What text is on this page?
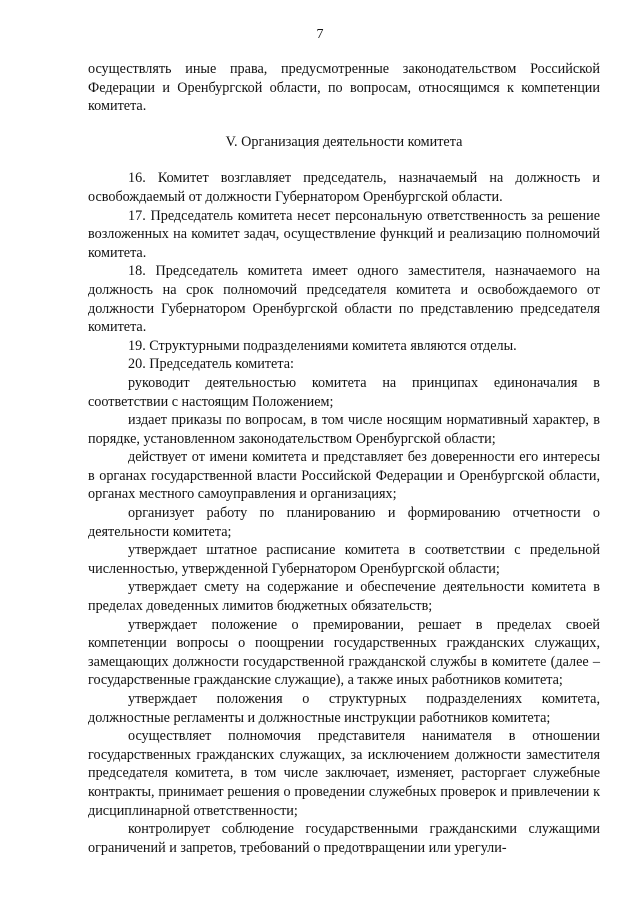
7

осуществлять иные права, предусмотренные законодательством Российской Федерации и Оренбургской области, по вопросам, относящимся к компетенции комитета.

V. Организация деятельности комитета

16. Комитет возглавляет председатель, назначаемый на должность и освобождаемый от должности Губернатором Оренбургской области.

17. Председатель комитета несет персональную ответственность за решение возложенных на комитет задач, осуществление функций и реализацию полномочий комитета.

18. Председатель комитета имеет одного заместителя, назначаемого на должность на срок полномочий председателя комитета и освобождаемого от должности Губернатором Оренбургской области по представлению председателя комитета.

19. Структурными подразделениями комитета являются отделы.

20. Председатель комитета:

руководит деятельностью комитета на принципах единоначалия в соответствии с настоящим Положением;

издает приказы по вопросам, в том числе носящим нормативный характер, в порядке, установленном законодательством Оренбургской области;

действует от имени комитета и представляет без доверенности его интересы в органах государственной власти Российской Федерации и Оренбургской области, органах местного самоуправления и организациях;

организует работу по планированию и формированию отчетности о деятельности комитета;

утверждает штатное расписание комитета в соответствии с предельной численностью, утвержденной Губернатором Оренбургской области;

утверждает смету на содержание и обеспечение деятельности комитета в пределах доведенных лимитов бюджетных обязательств;

утверждает положение о премировании, решает в пределах своей компетенции вопросы о поощрении государственных гражданских служащих, замещающих должности государственной гражданской службы в комитете (далее – государственные гражданские служащие), а также иных работников комитета;

утверждает положения о структурных подразделениях комитета, должностные регламенты и должностные инструкции работников комитета;

осуществляет полномочия представителя нанимателя в отношении государственных гражданских служащих, за исключением должности заместителя председателя комитета, в том числе заключает, изменяет, расторгает служебные контракты, принимает решения о проведении служебных проверок и привлечении к дисциплинарной ответственности;

контролирует соблюдение государственными гражданскими служащими ограничений и запретов, требований о предотвращении или урегули-
